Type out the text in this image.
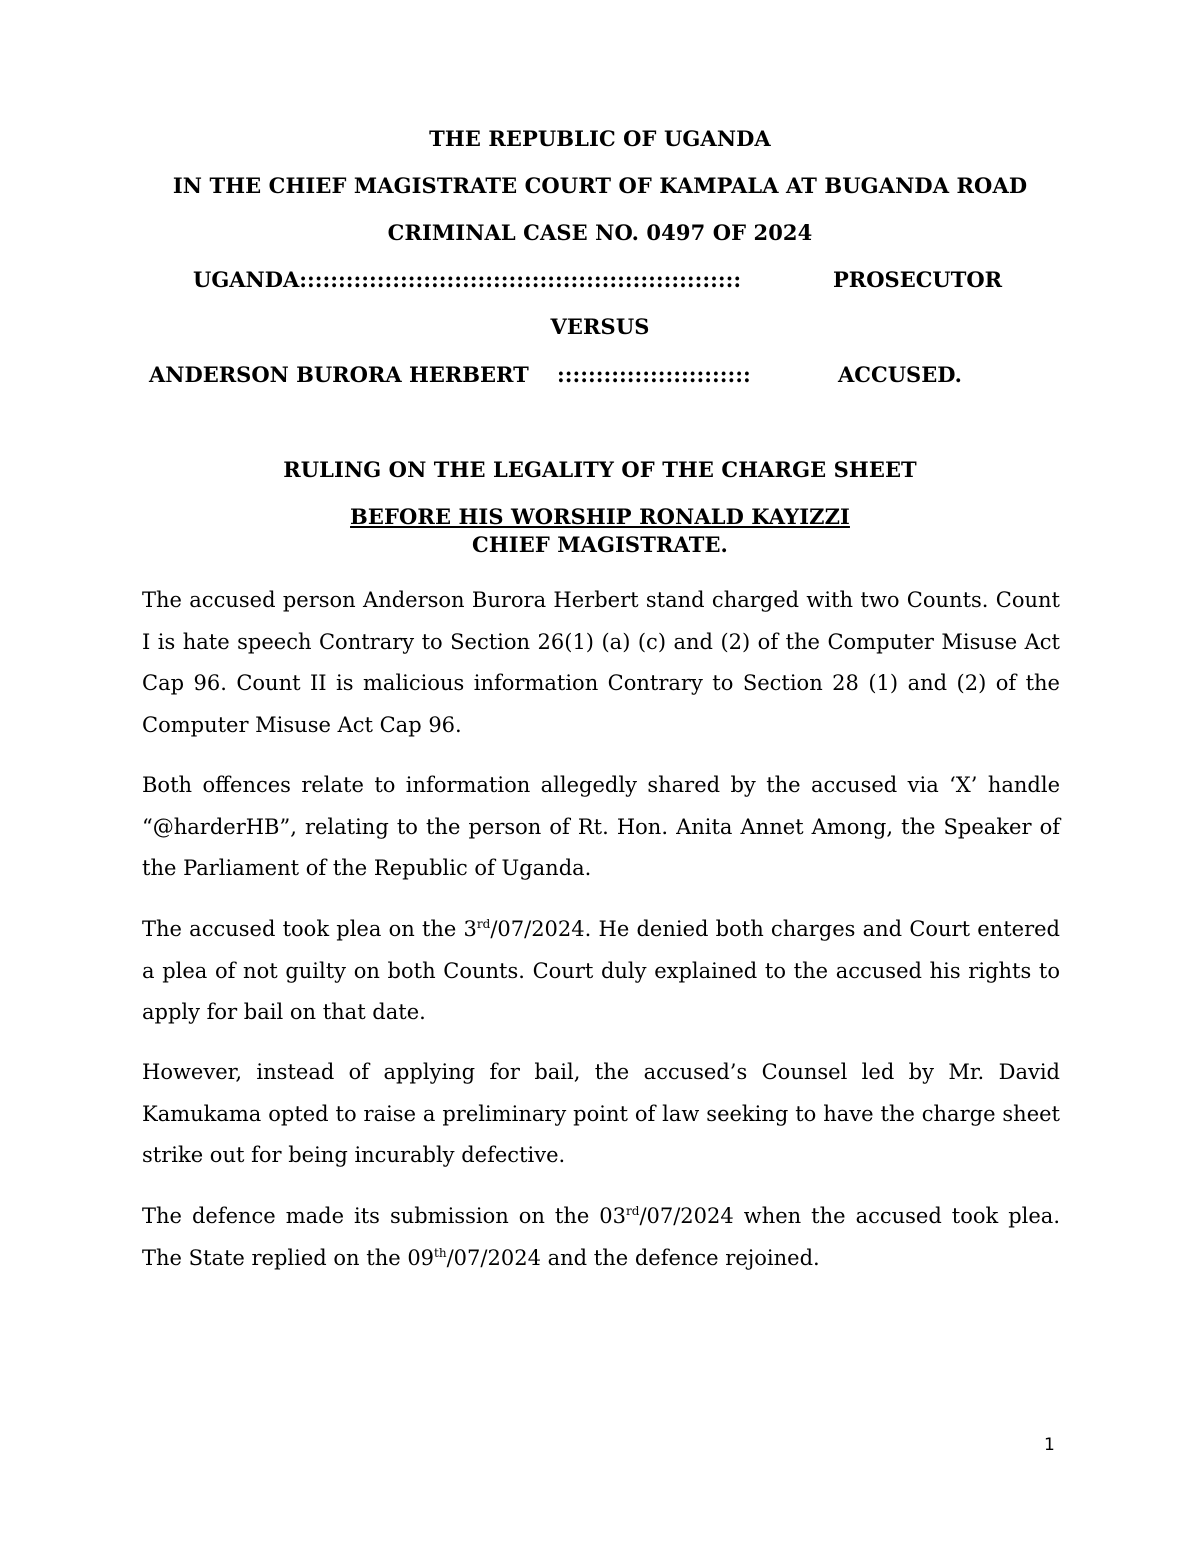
THE REPUBLIC OF UGANDA
IN THE CHIEF MAGISTRATE COURT OF KAMPALA AT BUGANDA ROAD
CRIMINAL CASE NO. 0497 OF 2024
UGANDA:::::::::::::::::::::::::::::::::::::::::::::::::::::::::	PROSECUTOR
VERSUS
ANDERSON BURORA HERBERT :::::::::::::::::::::::::	ACCUSED.
RULING ON THE LEGALITY OF THE CHARGE SHEET
BEFORE HIS WORSHIP RONALD KAYIZZI
CHIEF MAGISTRATE.

The accused person Anderson Burora Herbert stand charged with two Counts. Count I is hate speech Contrary to Section 26(1) (a) (c) and (2) of the Computer Misuse Act Cap 96. Count II is malicious information Contrary to Section 28 (1) and (2) of the Computer Misuse Act Cap 96.

Both offences relate to information allegedly shared by the accused via ‘X’ handle “@harderHB”, relating to the person of Rt. Hon. Anita Annet Among, the Speaker of the Parliament of the Republic of Uganda.

The accused took plea on the 3rd/07/2024. He denied both charges and Court entered a plea of not guilty on both Counts. Court duly explained to the accused his rights to apply for bail on that date.

However, instead of applying for bail, the accused’s Counsel led by Mr. David Kamukama opted to raise a preliminary point of law seeking to have the charge sheet strike out for being incurably defective.

The defence made its submission on the 03rd/07/2024 when the accused took plea. The State replied on the 09th/07/2024 and the defence rejoined.

1
